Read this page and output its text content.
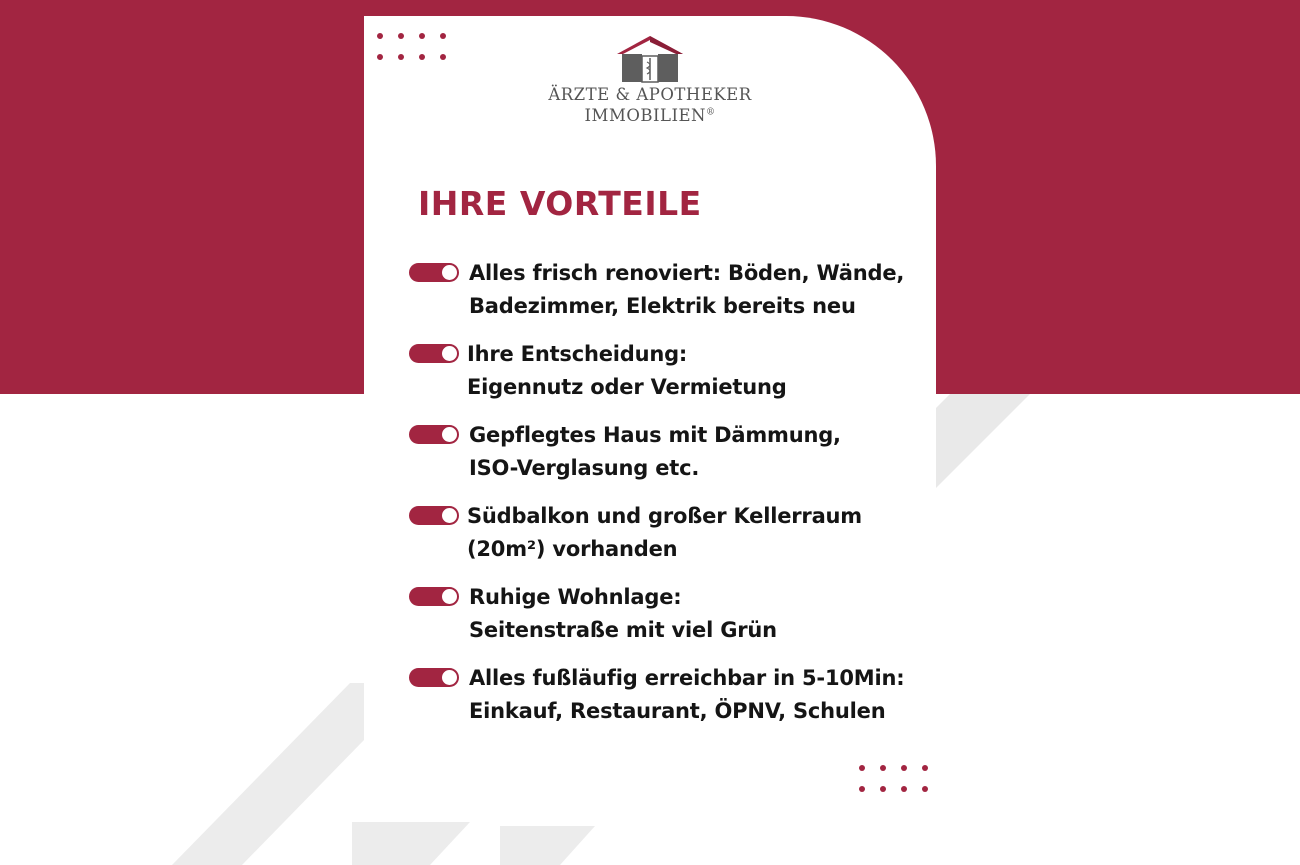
ÄRZTE & APOTHEKER
IMMOBILIEN®
IHRE VORTEILE
Alles frisch renoviert: Böden, Wände,
Badezimmer, Elektrik bereits neu
Ihre Entscheidung:
Eigennutz oder Vermietung
Gepflegtes Haus mit Dämmung,
ISO-Verglasung etc.
Südbalkon und großer Kellerraum
(20m²) vorhanden
Ruhige Wohnlage:
Seitenstraße mit viel Grün
Alles fußläufig erreichbar in 5-10Min:
Einkauf, Restaurant, ÖPNV, Schulen
